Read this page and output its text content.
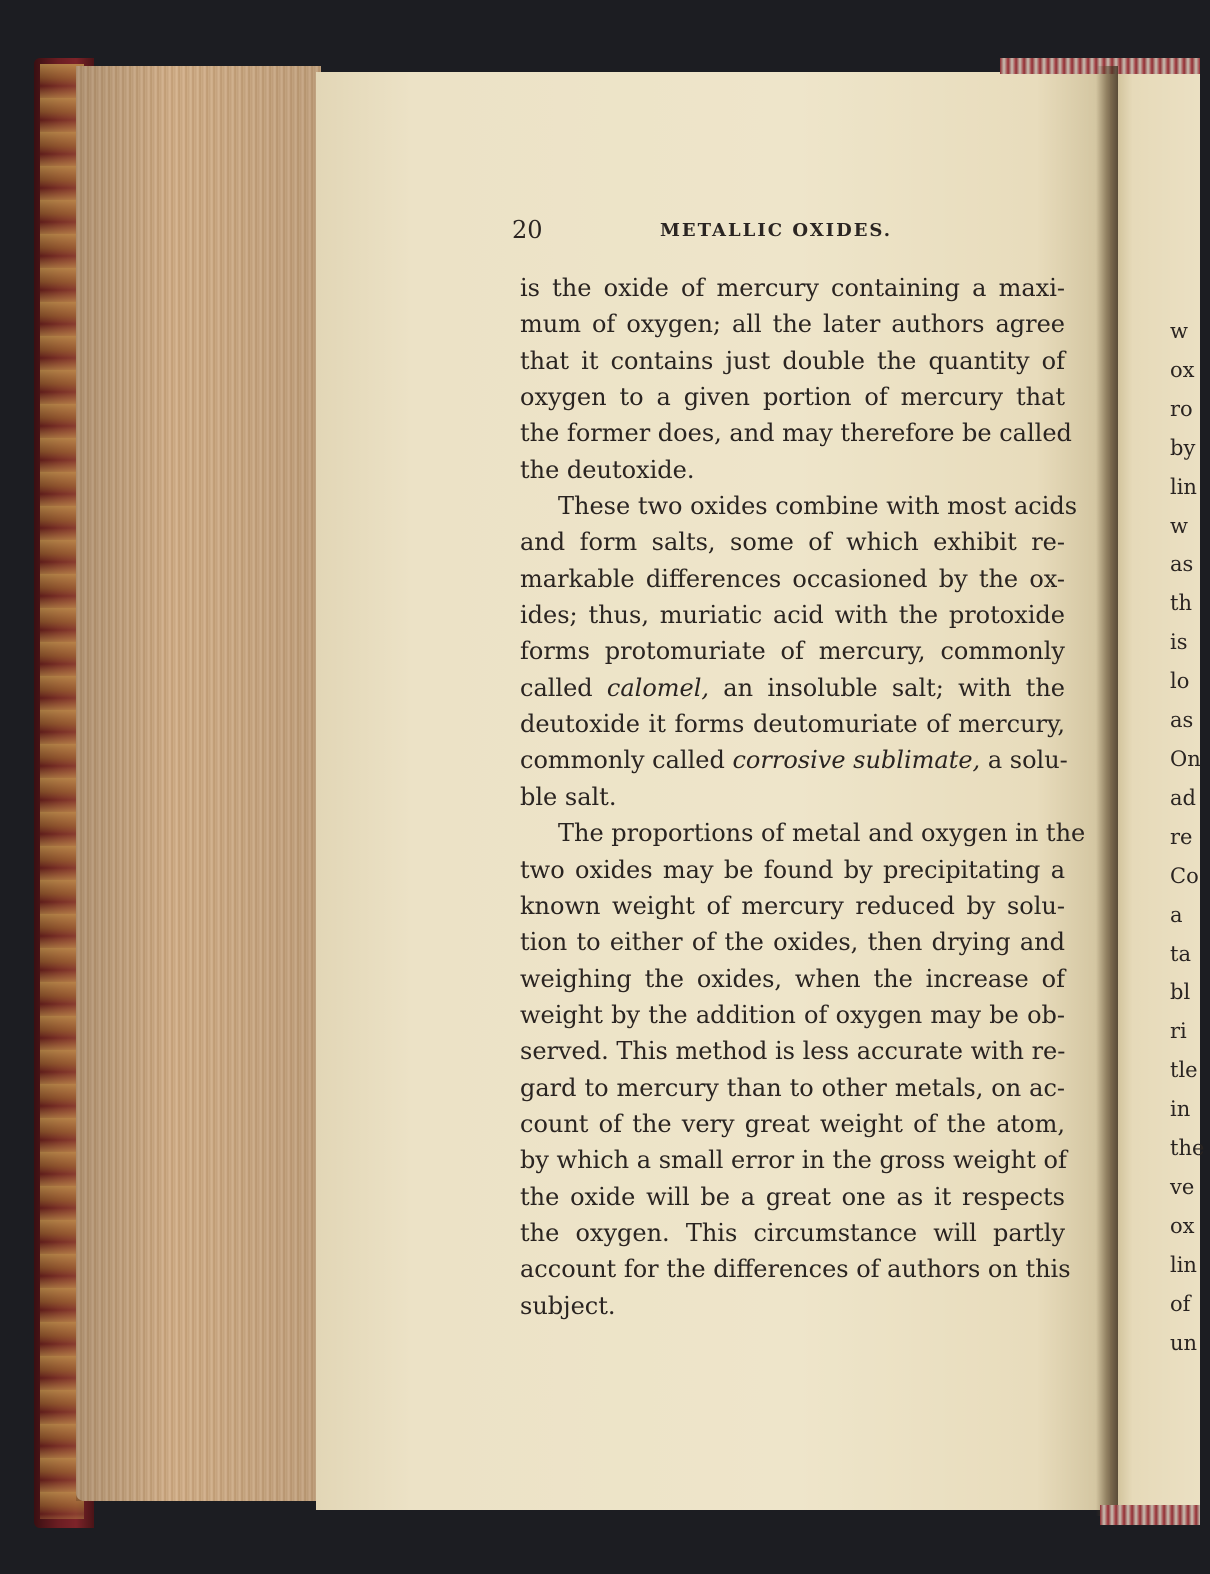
20	METALLIC OXIDES.
is the oxide of mercury containing a maxi-
mum of oxygen; all the later authors agree
that it contains just double the quantity of
oxygen to a given portion of mercury that
the former does, and may therefore be called
the deutoxide.
These two oxides combine with most acids
and form salts, some of which exhibit re-
markable differences occasioned by the ox-
ides; thus, muriatic acid with the protoxide
forms protomuriate of mercury, commonly
called calomel, an insoluble salt; with the
deutoxide it forms deutomuriate of mercury,
commonly called corrosive sublimate, a solu-
ble salt.
The proportions of metal and oxygen in the
two oxides may be found by precipitating a
known weight of mercury reduced by solu-
tion to either of the oxides, then drying and
weighing the oxides, when the increase of
weight by the addition of oxygen may be ob-
served. This method is less accurate with re-
gard to mercury than to other metals, on ac-
count of the very great weight of the atom,
by which a small error in the gross weight of
the oxide will be a great one as it respects
the oxygen. This circumstance will partly
account for the differences of authors on this
subject.
w
ox
ro
by
lin
w
as
th
is
lo
as
On
ad
re
Co
a
ta
bl
ri
tle
in
the
ve
ox
lin
of
un
